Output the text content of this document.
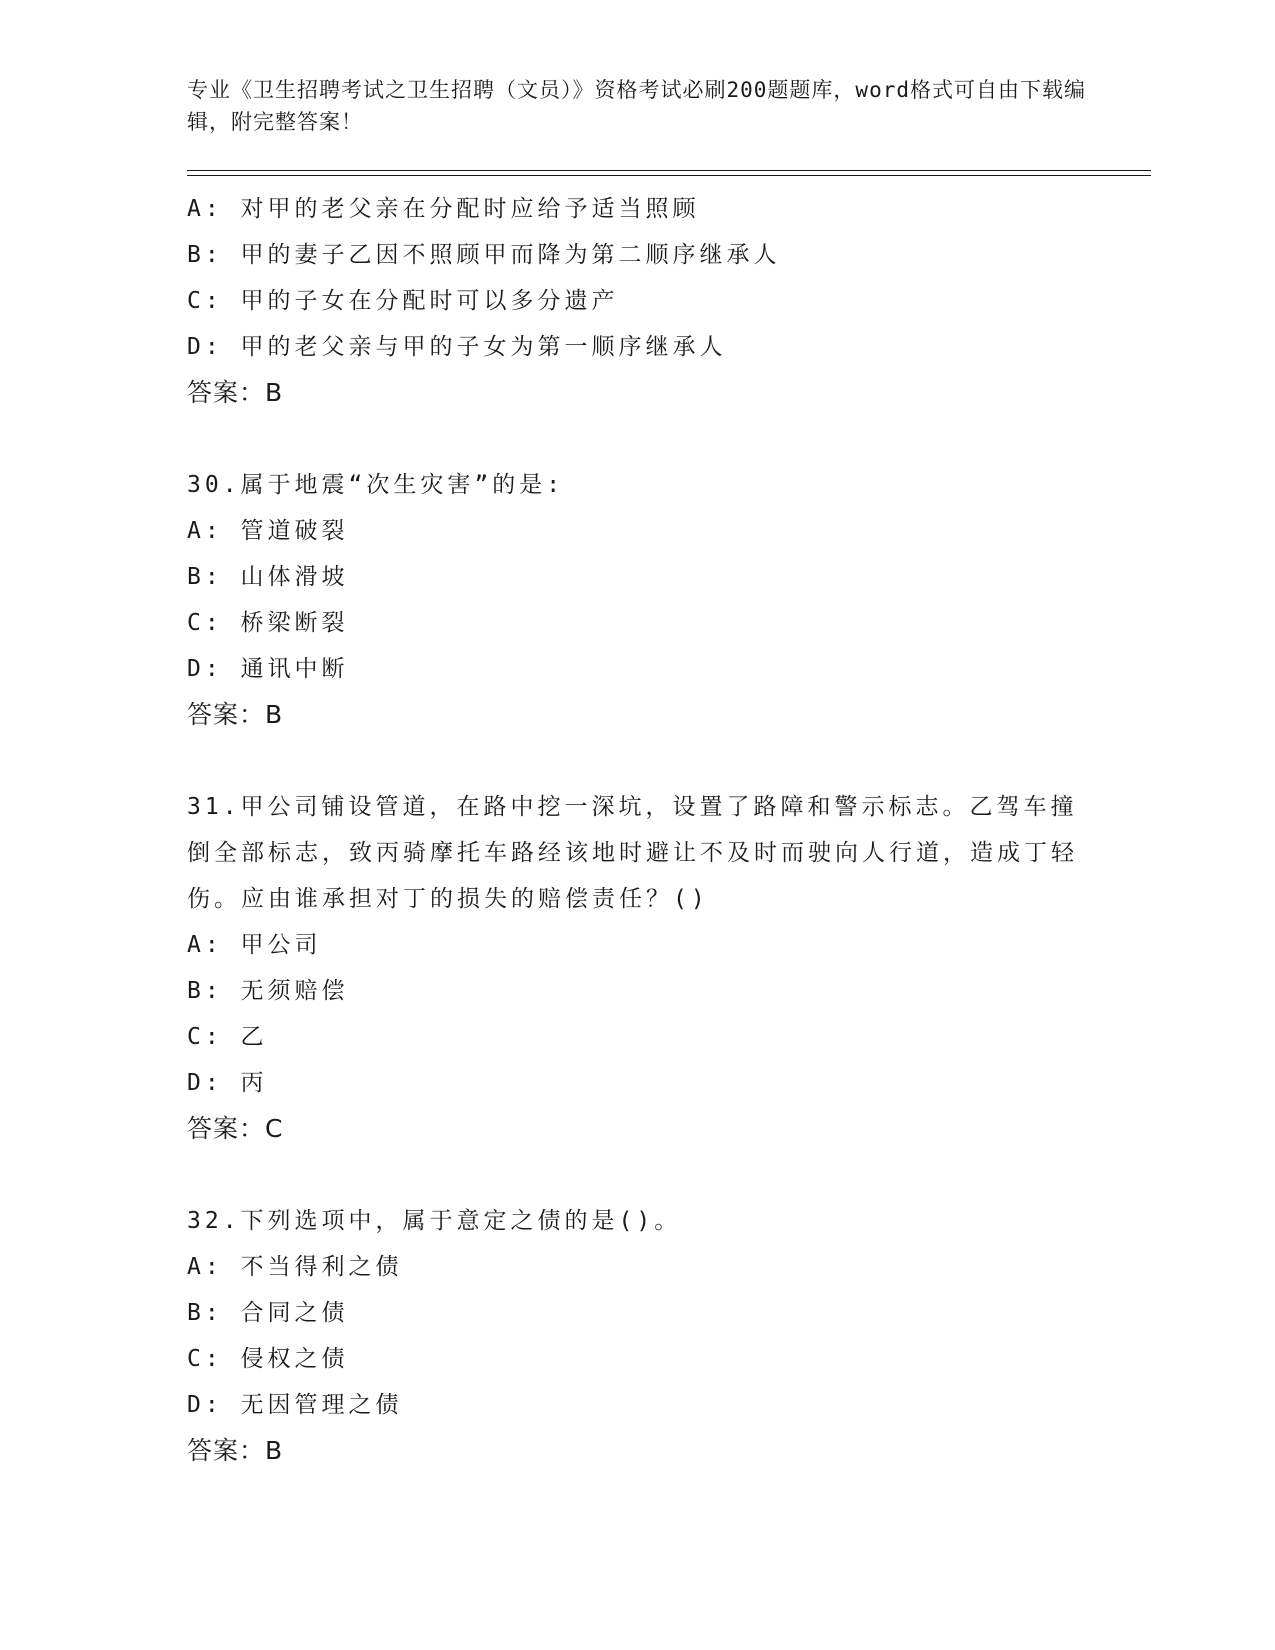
专业《卫生招聘考试之卫生招聘（文员）》资格考试必刷200题题库，word格式可自由下载编辑，附完整答案！
A: 对甲的老父亲在分配时应给予适当照顾
B: 甲的妻子乙因不照顾甲而降为第二顺序继承人
C: 甲的子女在分配时可以多分遗产
D: 甲的老父亲与甲的子女为第一顺序继承人
答案：B
30.属于地震“次生灾害”的是:
A: 管道破裂
B: 山体滑坡
C: 桥梁断裂
D: 通讯中断
答案：B
31.甲公司铺设管道，在路中挖一深坑，设置了路障和警示标志。乙驾车撞倒全部标志，致丙骑摩托车路经该地时避让不及时而驶向人行道，造成丁轻伤。应由谁承担对丁的损失的赔偿责任？()
A: 甲公司
B: 无须赔偿
C: 乙
D: 丙
答案：C
32.下列选项中，属于意定之债的是()。
A: 不当得利之债
B: 合同之债
C: 侵权之债
D: 无因管理之债
答案：B
